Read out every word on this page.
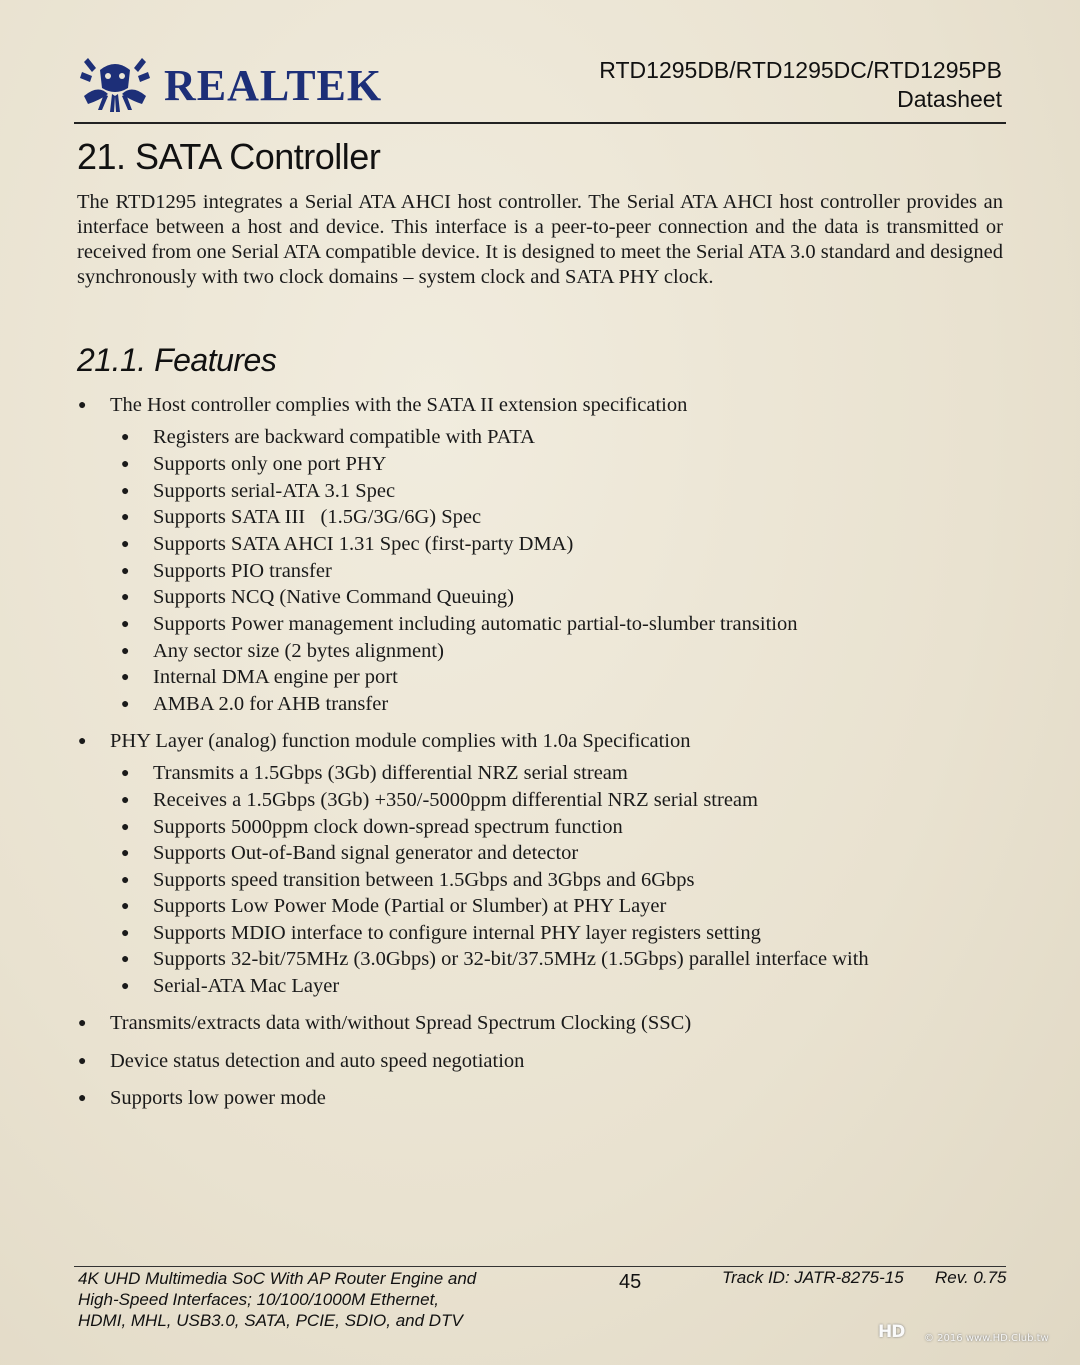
REALTEK	RTD1295DB/RTD1295DC/RTD1295PB
Datasheet
21. SATA Controller

The RTD1295 integrates a Serial ATA AHCI host controller. The Serial ATA AHCI host controller provides an interface between a host and device. This interface is a peer-to-peer connection and the data is transmitted or received from one Serial ATA compatible device. It is designed to meet the Serial ATA 3.0 standard and designed synchronously with two clock domains – system clock and SATA PHY clock.

21.1. Features
● The Host controller complies with the SATA II extension specification
● Registers are backward compatible with PATA
● Supports only one port PHY
● Supports serial-ATA 3.1 Spec
● Supports SATA III   (1.5G/3G/6G) Spec
● Supports SATA AHCI 1.31 Spec (first-party DMA)
● Supports PIO transfer
● Supports NCQ (Native Command Queuing)
● Supports Power management including automatic partial-to-slumber transition
● Any sector size (2 bytes alignment)
● Internal DMA engine per port
● AMBA 2.0 for AHB transfer
● PHY Layer (analog) function module complies with 1.0a Specification
● Transmits a 1.5Gbps (3Gb) differential NRZ serial stream
● Receives a 1.5Gbps (3Gb) +350/-5000ppm differential NRZ serial stream
● Supports 5000ppm clock down-spread spectrum function
● Supports Out-of-Band signal generator and detector
● Supports speed transition between 1.5Gbps and 3Gbps and 6Gbps
● Supports Low Power Mode (Partial or Slumber) at PHY Layer
● Supports MDIO interface to configure internal PHY layer registers setting
● Supports 32-bit/75MHz (3.0Gbps) or 32-bit/37.5MHz (1.5Gbps) parallel interface with
● Serial-ATA Mac Layer
● Transmits/extracts data with/without Spread Spectrum Clocking (SSC)
● Device status detection and auto speed negotiation
● Supports low power mode
4K UHD Multimedia SoC With AP Router Engine and
High-Speed Interfaces; 10/100/1000M Ethernet,
HDMI, MHL, USB3.0, SATA, PCIE, SDIO, and DTV
45	Track ID: JATR-8275-15 Rev. 0.75
HD	© 2016 www.HD.Club.tw
